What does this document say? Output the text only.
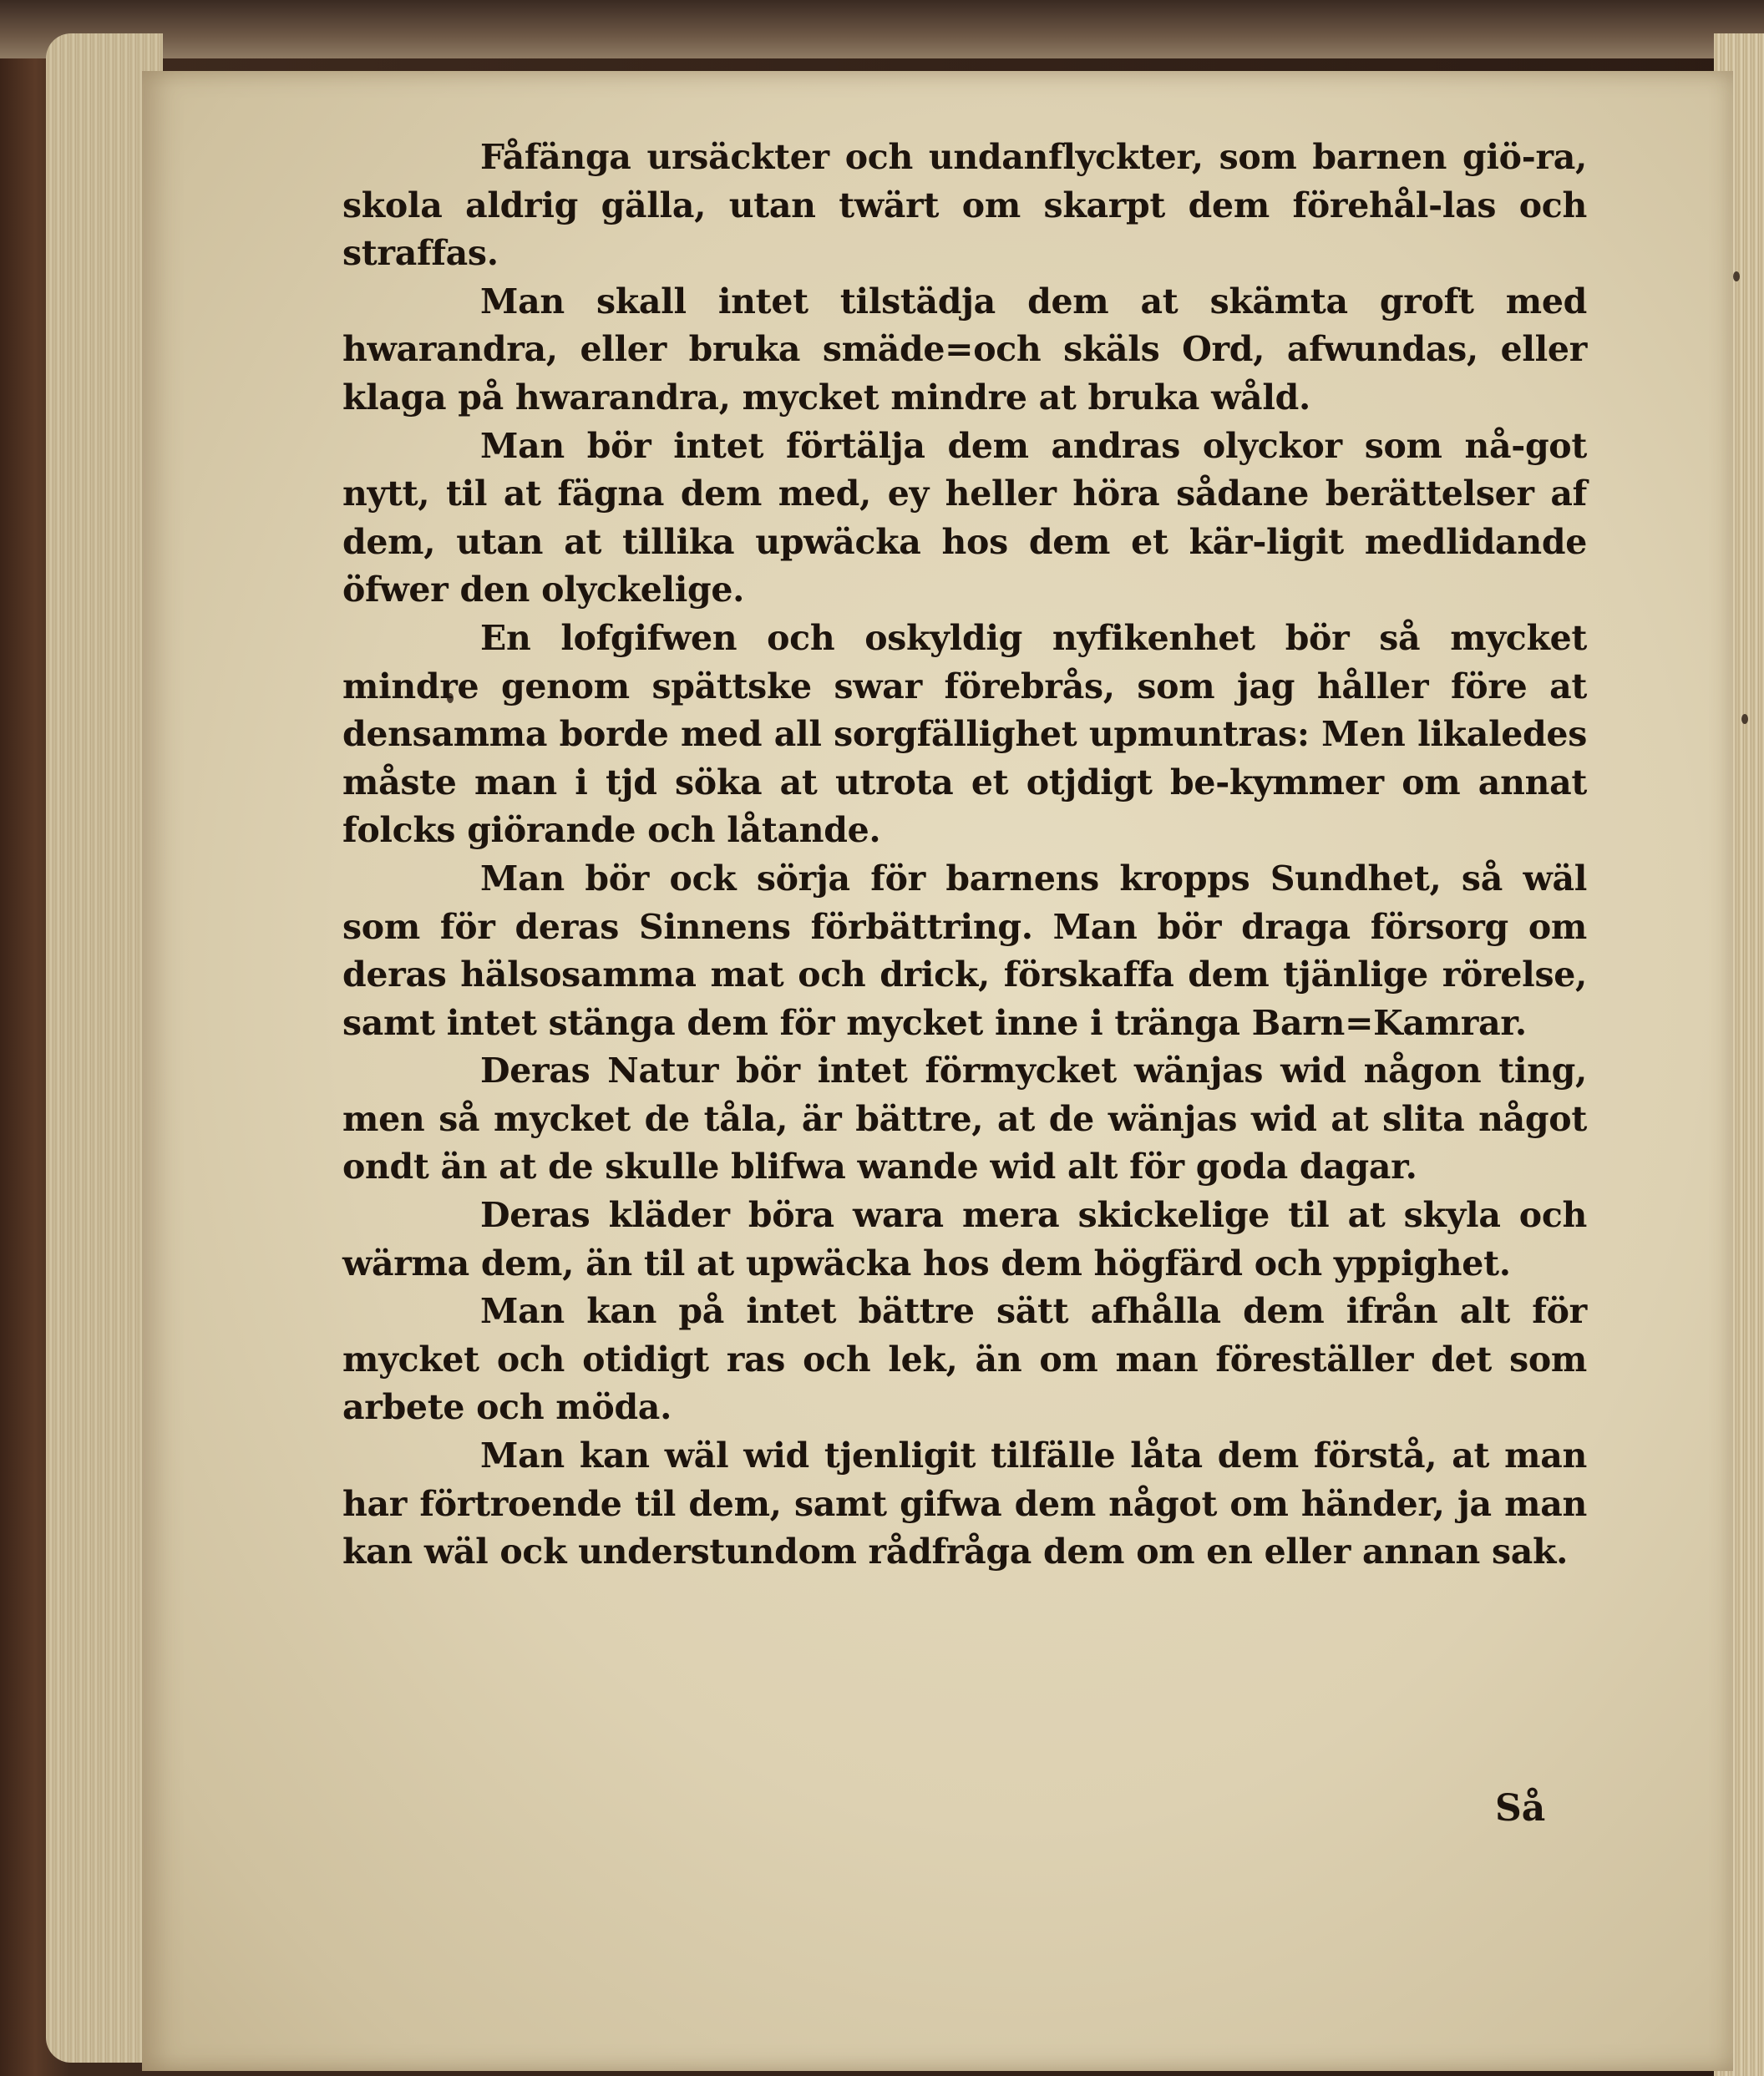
Fåfänga ursäckter och undanflyckter, som barnen giö-ra, skola aldrig gälla, utan twärt om skarpt dem förehål-las och straffas.

Man skall intet tilstädja dem at skämta groft med hwarandra, eller bruka smäde=och skäls Ord, afwundas, eller klaga på hwarandra, mycket mindre at bruka wåld.

Man bör intet förtälja dem andras olyckor som nå-got nytt, til at fägna dem med, ey heller höra sådane berättelser af dem, utan at tillika upwäcka hos dem et kär-ligit medlidande öfwer den olyckelige.

En lofgifwen och oskyldig nyfikenhet bör så mycket mindre genom spättske swar förebrås, som jag håller före at densamma borde med all sorgfällighet upmuntras: Men likaledes måste man i tjd söka at utrota et otjdigt be-kymmer om annat folcks giörande och låtande.

Man bör ock sörja för barnens kropps Sundhet, så wäl som för deras Sinnens förbättring. Man bör draga försorg om deras hälsosamma mat och drick, förskaffa dem tjänlige rörelse, samt intet stänga dem för mycket inne i tränga Barn=Kamrar.

Deras Natur bör intet förmycket wänjas wid någon ting, men så mycket de tåla, är bättre, at de wänjas wid at slita något ondt än at de skulle blifwa wande wid alt för goda dagar.

Deras kläder böra wara mera skickelige til at skyla och wärma dem, än til at upwäcka hos dem högfärd och yppighet.

Man kan på intet bättre sätt afhålla dem ifrån alt för mycket och otidigt ras och lek, än om man föreställer det som arbete och möda.

Man kan wäl wid tjenligit tilfälle låta dem förstå, at man har förtroende til dem, samt gifwa dem något om händer, ja man kan wäl ock understundom rådfråga dem om en eller annan sak.

Så
